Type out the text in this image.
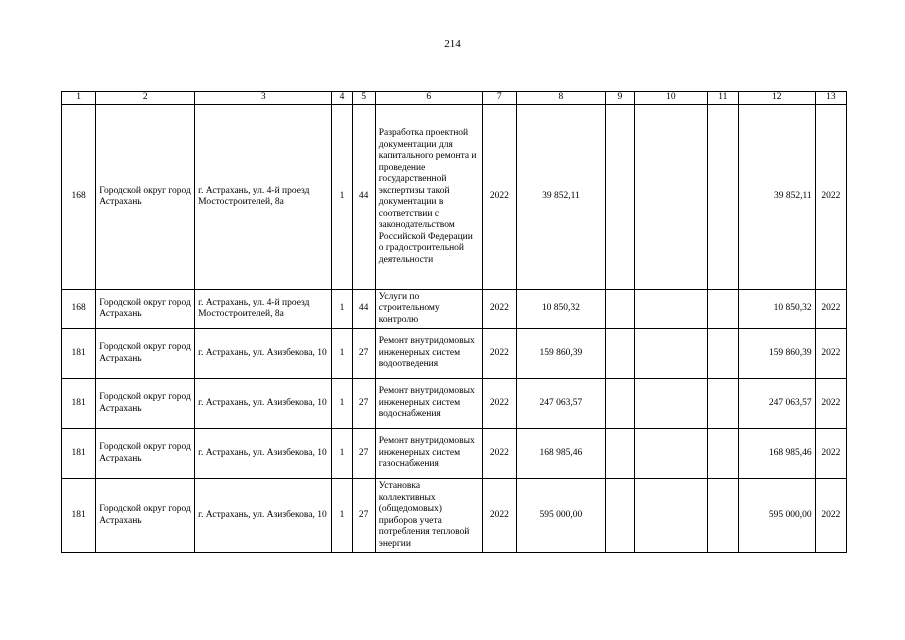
214
1	2	3	4	5	6	7	8	9	10	11	12	13
168	Городской округ город Астрахань	г. Астрахань, ул. 4-й проезд Мостостроителей, 8а	1	44	Разработка проектной документации для капитального ремонта и проведение государственной экспертизы такой документации в соответствии с законодательством Российской Федерации о градостроительной деятельности	2022	39 852,11				39 852,11	2022
168	Городской округ город Астрахань	г. Астрахань, ул. 4-й проезд Мостостроителей, 8а	1	44	Услуги по строительному контролю	2022	10 850,32				10 850,32	2022
181	Городской округ город Астрахань	г. Астрахань, ул. Азизбекова, 10	1	27	Ремонт внутридомовых инженерных систем водоотведения	2022	159 860,39				159 860,39	2022
181	Городской округ город Астрахань	г. Астрахань, ул. Азизбекова, 10	1	27	Ремонт внутридомовых инженерных систем водоснабжения	2022	247 063,57				247 063,57	2022
181	Городской округ город Астрахань	г. Астрахань, ул. Азизбекова, 10	1	27	Ремонт внутридомовых инженерных систем газоснабжения	2022	168 985,46				168 985,46	2022
181	Городской округ город Астрахань	г. Астрахань, ул. Азизбекова, 10	1	27	Установка коллективных (общедомовых) приборов учета потребления тепловой энергии	2022	595 000,00				595 000,00	2022
